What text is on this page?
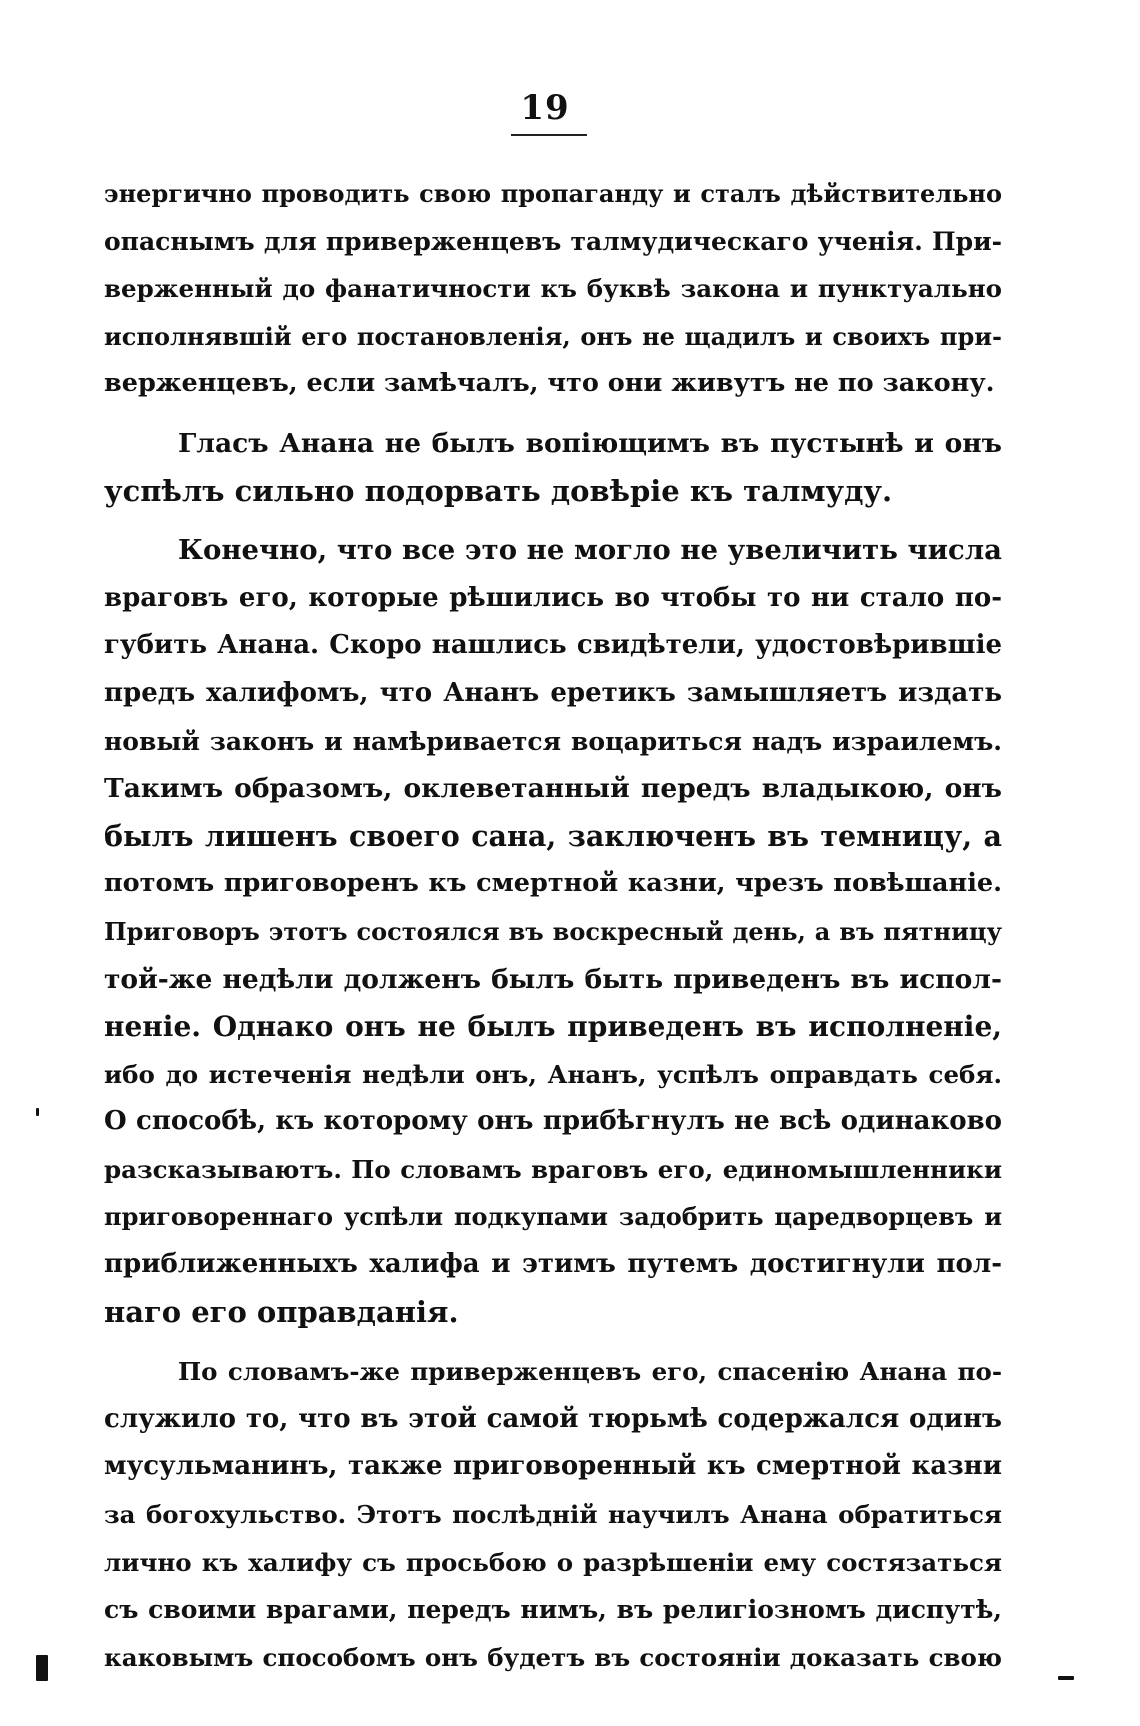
19
энергично проводить свою пропаганду и сталъ дѣйствительно
опаснымъ для приверженцевъ талмудическаго ученія. При-
верженный до фанатичности къ буквѣ закона и пунктуально
исполнявшій его постановленія, онъ не щадилъ и своихъ при-
верженцевъ, если замѣчалъ, что они живутъ не по закону.
Гласъ Анана не былъ вопіющимъ въ пустынѣ и онъ
успѣлъ сильно подорвать довѣріе къ талмуду.
Конечно, что все это не могло не увеличить числа
враговъ его, которые рѣшились во чтобы то ни стало по-
губить Анана. Скоро нашлись свидѣтели, удостовѣрившіе
предъ халифомъ, что Ананъ еретикъ замышляетъ издать
новый законъ и намѣривается воцариться надъ израилемъ.
Такимъ образомъ, оклеветанный передъ владыкою, онъ
былъ лишенъ своего сана, заключенъ въ темницу, а
потомъ приговоренъ къ смертной казни, чрезъ повѣшаніе.
Приговоръ этотъ состоялся въ воскресный день, а въ пятницу
той-же недѣли долженъ былъ быть приведенъ въ испол-
неніе. Однако онъ не былъ приведенъ въ исполненіе,
ибо до истеченія недѣли онъ, Ананъ, успѣлъ оправдать себя.
О способѣ, къ которому онъ прибѣгнулъ не всѣ одинаково
разсказываютъ. По словамъ враговъ его, единомышленники
приговореннаго успѣли подкупами задобрить царедворцевъ и
приближенныхъ халифа и этимъ путемъ достигнули пол-
наго его оправданія.
По словамъ-же приверженцевъ его, спасенію Анана по-
служило то, что въ этой самой тюрьмѣ содержался одинъ
мусульманинъ, также приговоренный къ смертной казни
за богохульство. Этотъ послѣдній научилъ Анана обратиться
лично къ халифу съ просьбою о разрѣшеніи ему состязаться
съ своими врагами, передъ нимъ, въ религіозномъ диспутѣ,
каковымъ способомъ онъ будетъ въ состояніи доказать свою
